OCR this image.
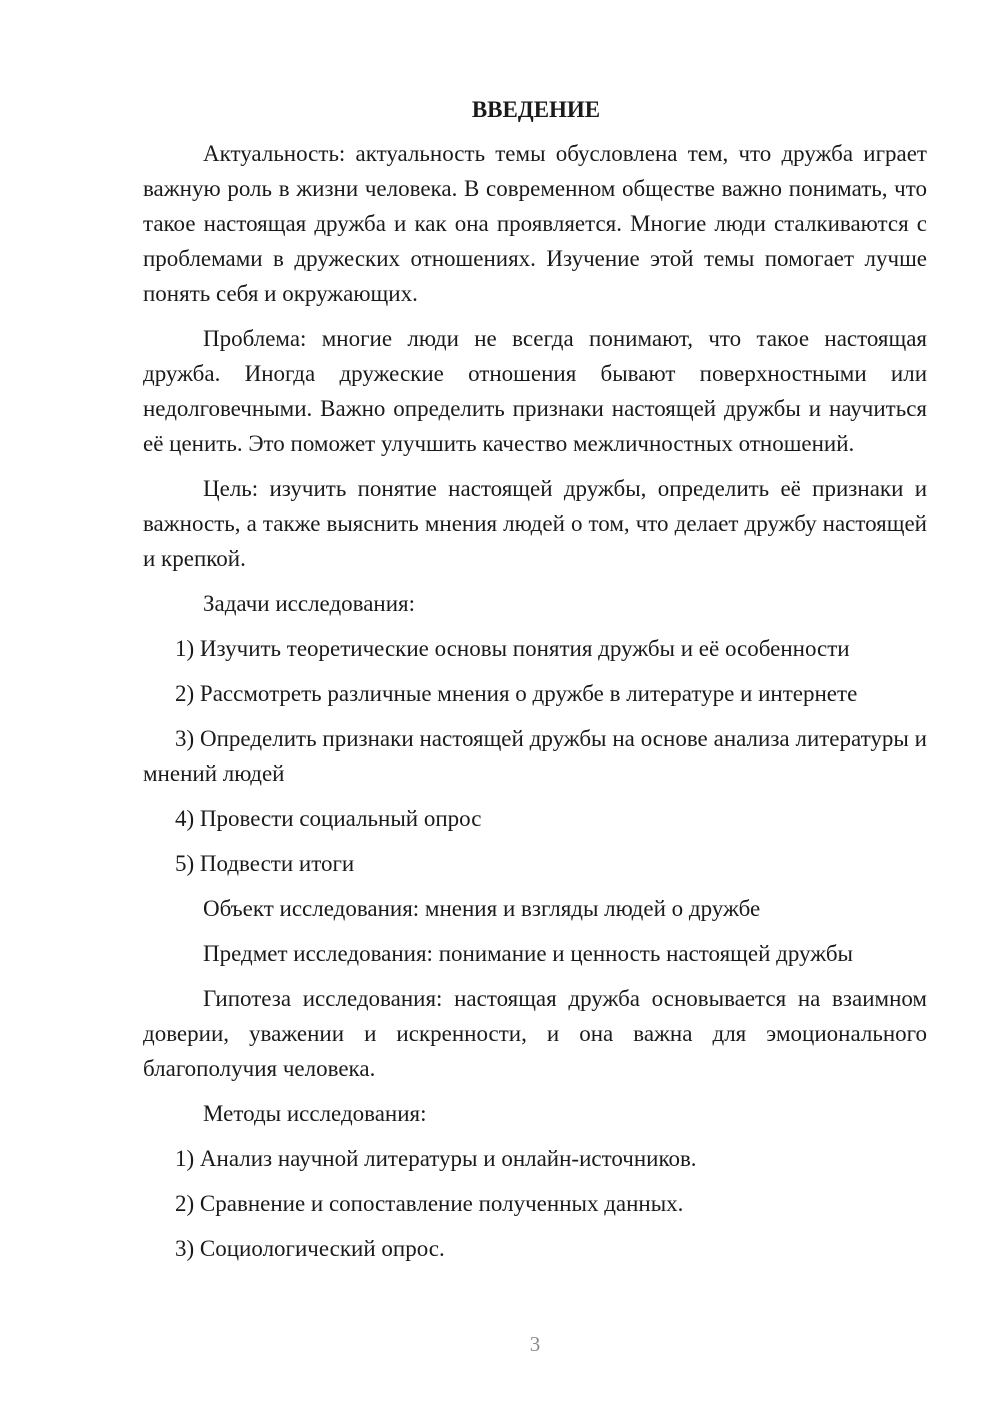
ВВЕДЕНИЕ

Актуальность: актуальность темы обусловлена тем, что дружба играет важную роль в жизни человека. В современном обществе важно понимать, что такое настоящая дружба и как она проявляется. Многие люди сталкиваются с проблемами в дружеских отношениях. Изучение этой темы помогает лучше понять себя и окружающих.

Проблема: многие люди не всегда понимают, что такое настоящая дружба. Иногда дружеские отношения бывают поверхностными или недолговечными. Важно определить признаки настоящей дружбы и научиться её ценить. Это поможет улучшить качество межличностных отношений.

Цель: изучить понятие настоящей дружбы, определить её признаки и важность, а также выяснить мнения людей о том, что делает дружбу настоящей и крепкой.

Задачи исследования:

1) Изучить теоретические основы понятия дружбы и её особенности

2) Рассмотреть различные мнения о дружбе в литературе и интернете

3) Определить признаки настоящей дружбы на основе анализа литературы и мнений людей

4) Провести социальный опрос

5) Подвести итоги

Объект исследования: мнения и взгляды людей о дружбе

Предмет исследования: понимание и ценность настоящей дружбы

Гипотеза исследования: настоящая дружба основывается на взаимном доверии, уважении и искренности, и она важна для эмоционального благополучия человека.

Методы исследования:

1) Анализ научной литературы и онлайн-источников.

2) Сравнение и сопоставление полученных данных.

3) Социологический опрос.

3
